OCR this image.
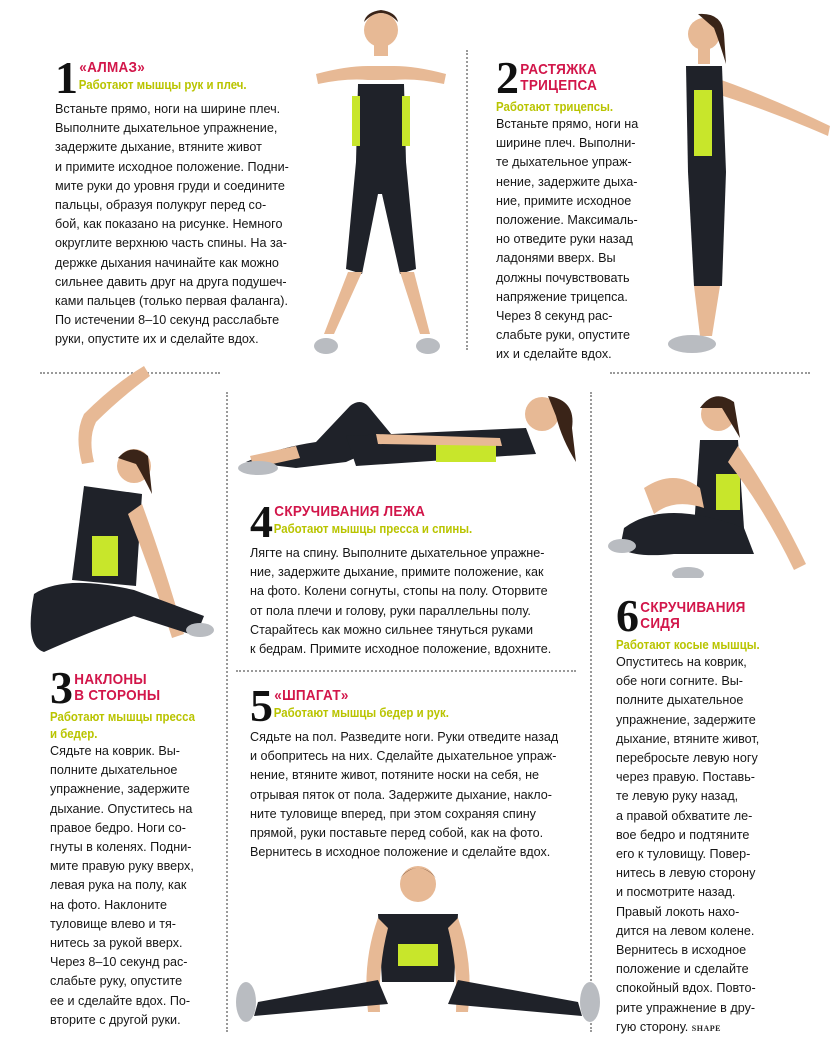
1 «АЛМАЗ»
Работают мышцы рук и плеч.
Встаньте прямо, ноги на ширине плеч.
Выполните дыхательное упражнение,
задержите дыхание, втяните живот
и примите исходное положение. Подни-
мите руки до уровня груди и соедините
пальцы, образуя полукруг перед со-
бой, как показано на рисунке. Немного
округлите верхнюю часть спины. На за-
держке дыхания начинайте как можно
сильнее давить друг на друга подушеч-
ками пальцев (только первая фаланга).
По истечении 8–10 секунд расслабьте
руки, опустите их и сделайте вдох.
2 РАСТЯЖКА
ТРИЦЕПСА
Работают трицепсы.
Встаньте прямо, ноги на
ширине плеч. Выполни-
те дыхательное упраж-
нение, задержите дыха-
ние, примите исходное
положение. Максималь-
но отведите руки назад
ладонями вверх. Вы
должны почувствовать
напряжение трицепса.
Через 8 секунд рас-
слабьте руки, опустите
их и сделайте вдох.
3 НАКЛОНЫ
В СТОРОНЫ
Работают мышцы пресса
и бедер.
Сядьте на коврик. Вы-
полните дыхательное
упражнение, задержите
дыхание. Опуститесь на
правое бедро. Ноги со-
гнуты в коленях. Подни-
мите правую руку вверх,
левая рука на полу, как
на фото. Наклоните
туловище влево и тя-
нитесь за рукой вверх.
Через 8–10 секунд рас-
слабьте руку, опустите
ее и сделайте вдох. По-
вторите с другой руки.
4 СКРУЧИВАНИЯ ЛЕЖА
Работают мышцы пресса и спины.
Лягте на спину. Выполните дыхательное упражне-
ние, задержите дыхание, примите положение, как
на фото. Колени согнуты, стопы на полу. Оторвите
от пола плечи и голову, руки параллельны полу.
Старайтесь как можно сильнее тянуться руками
к бедрам. Примите исходное положение, вдохните.
5 «ШПАГАТ»
Работают мышцы бедер и рук.
Сядьте на пол. Разведите ноги. Руки отведите назад
и обопритесь на них. Сделайте дыхательное упраж-
нение, втяните живот, потяните носки на себя, не
отрывая пяток от пола. Задержите дыхание, накло-
ните туловище вперед, при этом сохраняя спину
прямой, руки поставьте перед собой, как на фото.
Вернитесь в исходное положение и сделайте вдох.
6 СКРУЧИВАНИЯ
СИДЯ
Работают косые мышцы.
Опуститесь на коврик,
обе ноги согните. Вы-
полните дыхательное
упражнение, задержите
дыхание, втяните живот,
перебросьте левую ногу
через правую. Поставь-
те левую руку назад,
а правой обхватите ле-
вое бедро и подтяните
его к туловищу. Повер-
нитесь в левую сторону
и посмотрите назад.
Правый локоть нахо-
дится на левом колене.
Вернитесь в исходное
положение и сделайте
спокойный вдох. Повто-
рите упражнение в дру-
гую сторону. SHAPE
